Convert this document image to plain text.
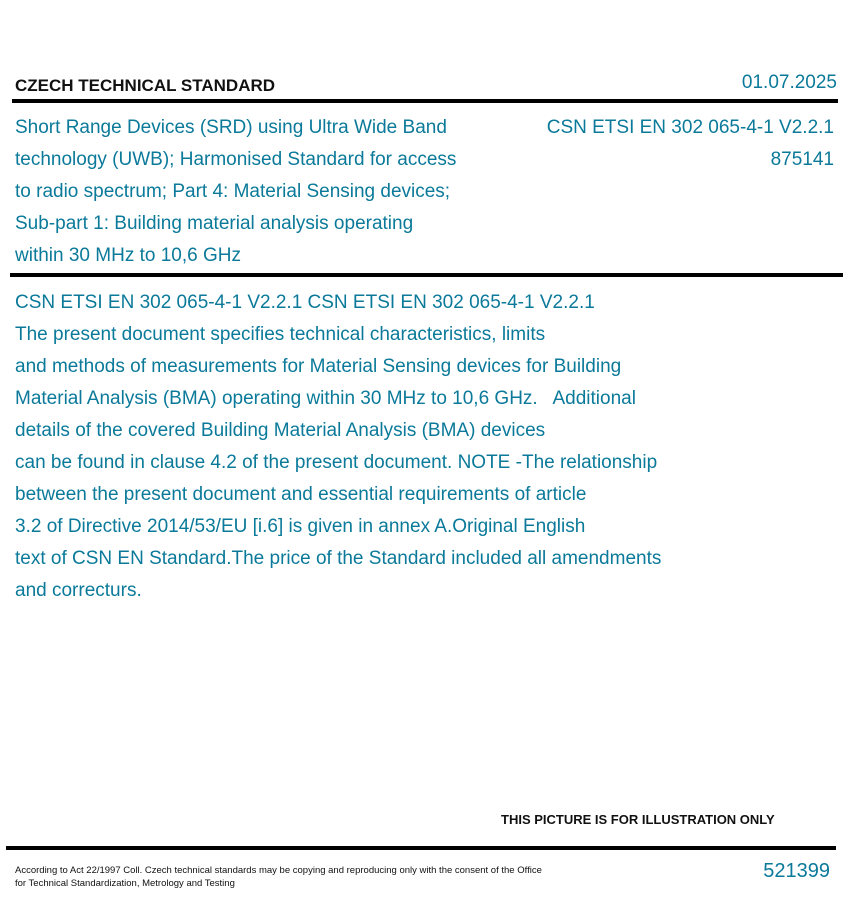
CZECH TECHNICAL STANDARD	01.07.2025
Short Range Devices (SRD) using Ultra Wide Band
technology (UWB); Harmonised Standard for access
to radio spectrum; Part 4: Material Sensing devices;
Sub-part 1: Building material analysis operating
within 30 MHz to 10,6 GHz
CSN ETSI EN 302 065-4-1 V2.2.1
875141
CSN ETSI EN 302 065-4-1 V2.2.1 CSN ETSI EN 302 065-4-1 V2.2.1
The present document specifies technical characteristics, limits
and methods of measurements for Material Sensing devices for Building
Material Analysis (BMA) operating within 30 MHz to 10,6 GHz.   Additional
details of the covered Building Material Analysis (BMA) devices
can be found in clause 4.2 of the present document. NOTE -The relationship
between the present document and essential requirements of article
3.2 of Directive 2014/53/EU [i.6] is given in annex A.Original English
text of CSN EN Standard.The price of the Standard included all amendments
and correcturs.
THIS PICTURE IS FOR ILLUSTRATION ONLY
According to Act 22/1997 Coll. Czech technical standards may be copying and reproducing only with the consent of the Office
for Technical Standardization, Metrology and Testing
521399
